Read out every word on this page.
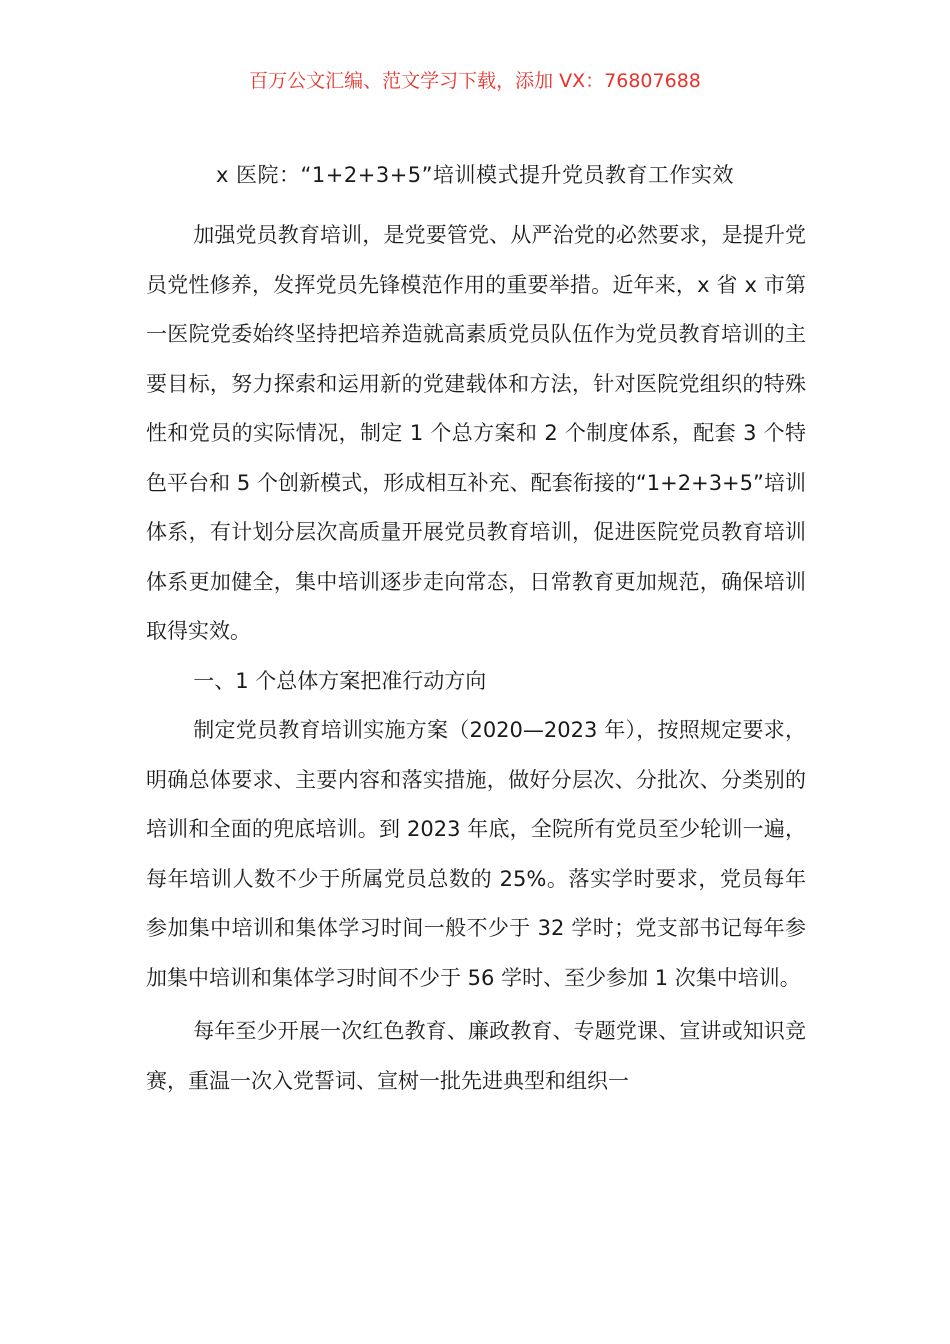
百万公文汇编、范文学习下载，添加 VX：76807688
x 医院：“1+2+3+5”培训模式提升党员教育工作实效

加强党员教育培训，是党要管党、从严治党的必然要求，是提升党员党性修养，发挥党员先锋模范作用的重要举措。近年来，x 省 x 市第一医院党委始终坚持把培养造就高素质党员队伍作为党员教育培训的主要目标，努力探索和运用新的党建载体和方法，针对医院党组织的特殊性和党员的实际情况，制定 1 个总方案和 2 个制度体系，配套 3 个特色平台和 5 个创新模式，形成相互补充、配套衔接的“1+2+3+5”培训体系，有计划分层次高质量开展党员教育培训，促进医院党员教育培训体系更加健全，集中培训逐步走向常态，日常教育更加规范，确保培训取得实效。

一、1 个总体方案把准行动方向

制定党员教育培训实施方案（2020—2023 年），按照规定要求，明确总体要求、主要内容和落实措施，做好分层次、分批次、分类别的培训和全面的兜底培训。到 2023 年底，全院所有党员至少轮训一遍，每年培训人数不少于所属党员总数的 25%。落实学时要求，党员每年参加集中培训和集体学习时间一般不少于 32 学时；党支部书记每年参加集中培训和集体学习时间不少于 56 学时、至少参加 1 次集中培训。

每年至少开展一次红色教育、廉政教育、专题党课、宣讲或知识竞赛，重温一次入党誓词、宣树一批先进典型和组织一
